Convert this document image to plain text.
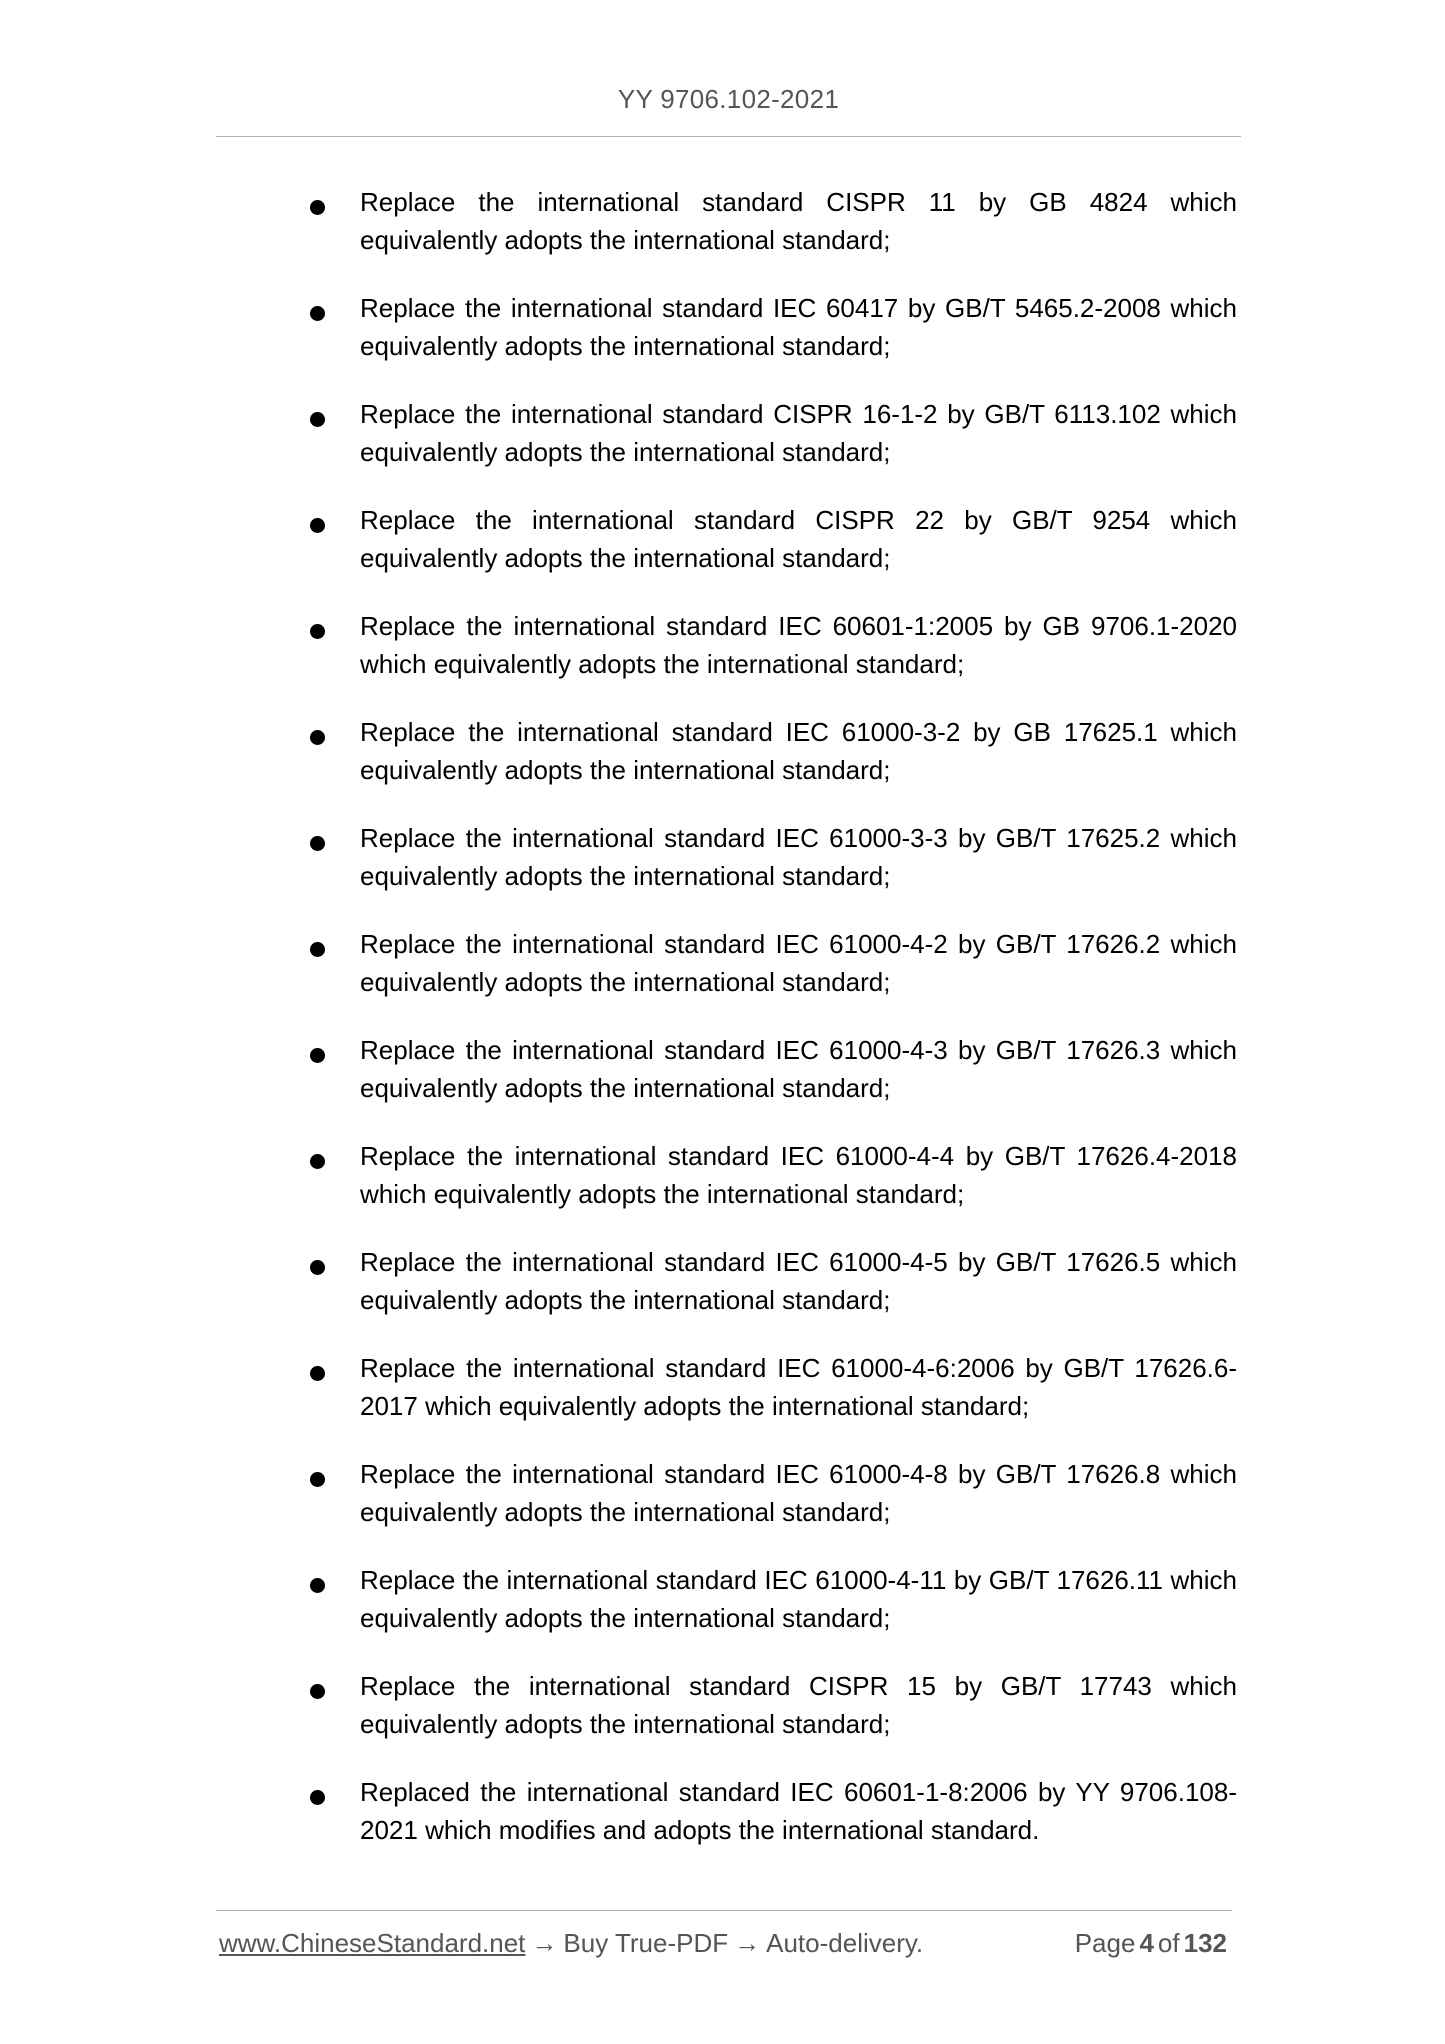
YY 9706.102-2021
Replace the international standard CISPR 11 by GB 4824 which equivalently adopts the international standard;
Replace the international standard IEC 60417 by GB/T 5465.2-2008 which equivalently adopts the international standard;
Replace the international standard CISPR 16-1-2 by GB/T 6113.102 which equivalently adopts the international standard;
Replace the international standard CISPR 22 by GB/T 9254 which equivalently adopts the international standard;
Replace the international standard IEC 60601-1:2005 by GB 9706.1-2020 which equivalently adopts the international standard;
Replace the international standard IEC 61000-3-2 by GB 17625.1 which equivalently adopts the international standard;
Replace the international standard IEC 61000-3-3 by GB/T 17625.2 which equivalently adopts the international standard;
Replace the international standard IEC 61000-4-2 by GB/T 17626.2 which equivalently adopts the international standard;
Replace the international standard IEC 61000-4-3 by GB/T 17626.3 which equivalently adopts the international standard;
Replace the international standard IEC 61000-4-4 by GB/T 17626.4-2018 which equivalently adopts the international standard;
Replace the international standard IEC 61000-4-5 by GB/T 17626.5 which equivalently adopts the international standard;
Replace the international standard IEC 61000-4-6:2006 by GB/T 17626.6-2017 which equivalently adopts the international standard;
Replace the international standard IEC 61000-4-8 by GB/T 17626.8 which equivalently adopts the international standard;
Replace the international standard IEC 61000-4-11 by GB/T 17626.11 which equivalently adopts the international standard;
Replace the international standard CISPR 15 by GB/T 17743 which equivalently adopts the international standard;
Replaced the international standard IEC 60601-1-8:2006 by YY 9706.108-2021 which modifies and adopts the international standard.
www.ChineseStandard.net → Buy True-PDF → Auto-delivery.	Page 4 of 132
